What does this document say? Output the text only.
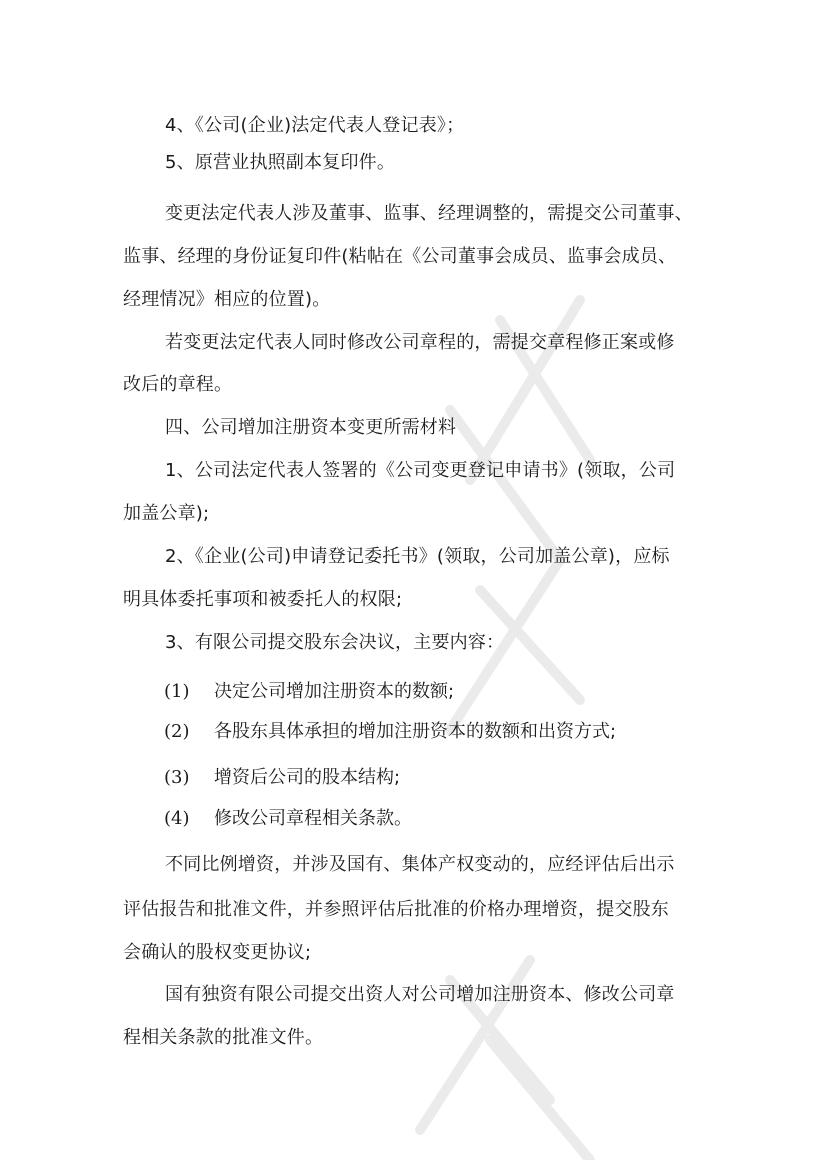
4、《公司(企业)法定代表人登记表》；
5、原营业执照副本复印件。
变更法定代表人涉及董事、监事、经理调整的，需提交公司董事、
监事、经理的身份证复印件(粘帖在《公司董事会成员、监事会成员、
经理情况》相应的位置)。
若变更法定代表人同时修改公司章程的，需提交章程修正案或修
改后的章程。
四、公司增加注册资本变更所需材料
1、公司法定代表人签署的《公司变更登记申请书》(领取，公司
加盖公章);
2、《企业(公司)申请登记委托书》(领取，公司加盖公章)，应标
明具体委托事项和被委托人的权限;
3、有限公司提交股东会决议，主要内容：
(1) 决定公司增加注册资本的数额;
(2) 各股东具体承担的增加注册资本的数额和出资方式;
(3) 增资后公司的股本结构;
(4) 修改公司章程相关条款。
不同比例增资，并涉及国有、集体产权变动的，应经评估后出示
评估报告和批准文件，并参照评估后批准的价格办理增资，提交股东
会确认的股权变更协议;
国有独资有限公司提交出资人对公司增加注册资本、修改公司章
程相关条款的批准文件。
